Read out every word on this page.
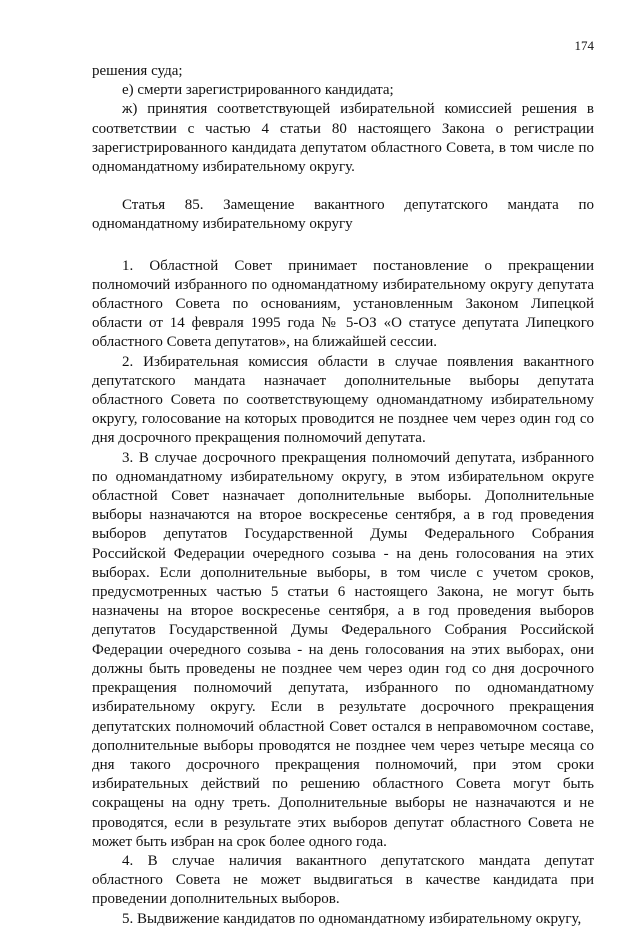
174

решения суда;

е) смерти зарегистрированного кандидата;

ж) принятия соответствующей избирательной комиссией решения в соответствии с частью 4 статьи 80 настоящего Закона о регистрации зарегистрированного кандидата депутатом областного Совета, в том числе по одномандатному избирательному округу.

Статья 85. Замещение вакантного депутатского мандата по одномандатному избирательному округу

1. Областной Совет принимает постановление о прекращении полномочий избранного по одномандатному избирательному округу депутата областного Совета по основаниям, установленным Законом Липецкой области от 14 февраля 1995 года № 5-ОЗ «О статусе депутата Липецкого областного Совета депутатов», на ближайшей сессии.

2. Избирательная комиссия области в случае появления вакантного депутатского мандата назначает дополнительные выборы депутата областного Совета по соответствующему одномандатному избирательному округу, голосование на которых проводится не позднее чем через один год со дня досрочного прекращения полномочий депутата.

3. В случае досрочного прекращения полномочий депутата, избранного по одномандатному избирательному округу, в этом избирательном округе областной Совет назначает дополнительные выборы. Дополнительные выборы назначаются на второе воскресенье сентября, а в год проведения выборов депутатов Государственной Думы Федерального Собрания Российской Федерации очередного созыва - на день голосования на этих выборах. Если дополнительные выборы, в том числе с учетом сроков, предусмотренных частью 5 статьи 6 настоящего Закона, не могут быть назначены на второе воскресенье сентября, а в год проведения выборов депутатов Государственной Думы Федерального Собрания Российской Федерации очередного созыва - на день голосования на этих выборах, они должны быть проведены не позднее чем через один год со дня досрочного прекращения полномочий депутата, избранного по одномандатному избирательному округу. Если в результате досрочного прекращения депутатских полномочий областной Совет остался в неправомочном составе, дополнительные выборы проводятся не позднее чем через четыре месяца со дня такого досрочного прекращения полномочий, при этом сроки избирательных действий по решению областного Совета могут быть сокращены на одну треть. Дополнительные выборы не назначаются и не проводятся, если в результате этих выборов депутат областного Совета не может быть избран на срок более одного года.

4. В случае наличия вакантного депутатского мандата депутат областного Совета не может выдвигаться в качестве кандидата при проведении дополнительных выборов.

5. Выдвижение кандидатов по одномандатному избирательному округу,
